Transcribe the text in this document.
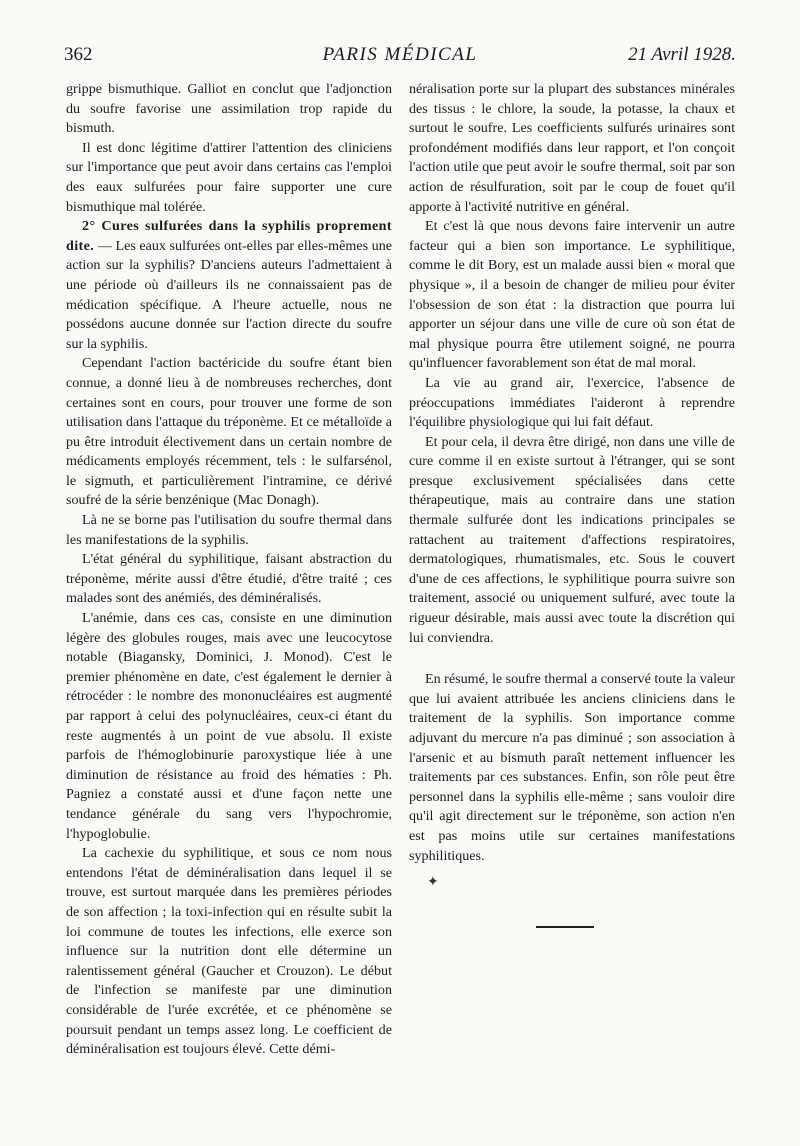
362	PARIS MÉDICAL	21 Avril 1928.

grippe bismuthique. Galliot en conclut que l'adjonction du soufre favorise une assimilation trop rapide du bismuth.

Il est donc légitime d'attirer l'attention des cliniciens sur l'importance que peut avoir dans certains cas l'emploi des eaux sulfurées pour faire supporter une cure bismuthique mal tolérée.

2° Cures sulfurées dans la syphilis proprement dite. — Les eaux sulfurées ont-elles par elles-mêmes une action sur la syphilis? D'anciens auteurs l'admettaient à une période où d'ailleurs ils ne connaissaient pas de médication spécifique. A l'heure actuelle, nous ne possédons aucune donnée sur l'action directe du soufre sur la syphilis.

Cependant l'action bactéricide du soufre étant bien connue, a donné lieu à de nombreuses recherches, dont certaines sont en cours, pour trouver une forme de son utilisation dans l'attaque du tréponème. Et ce métalloïde a pu être introduit électivement dans un certain nombre de médicaments employés récemment, tels : le sulfarsénol, le sigmuth, et particulièrement l'intramine, ce dérivé soufré de la série benzénique (Mac Donagh).

Là ne se borne pas l'utilisation du soufre thermal dans les manifestations de la syphilis.

L'état général du syphilitique, faisant abstraction du tréponème, mérite aussi d'être étudié, d'être traité ; ces malades sont des anémiés, des déminéralisés.

L'anémie, dans ces cas, consiste en une diminution légère des globules rouges, mais avec une leucocytose notable (Biagansky, Dominici, J. Monod). C'est le premier phénomène en date, c'est également le dernier à rétrocéder : le nombre des mononucléaires est augmenté par rapport à celui des polynucléaires, ceux-ci étant du reste augmentés à un point de vue absolu. Il existe parfois de l'hémoglobinurie paroxystique liée à une diminution de résistance au froid des hématies : Ph. Pagniez a constaté aussi et d'une façon nette une tendance générale du sang vers l'hypochromie, l'hypoglobulie.

La cachexie du syphilitique, et sous ce nom nous entendons l'état de déminéralisation dans lequel il se trouve, est surtout marquée dans les premières périodes de son affection ; la toxi-infection qui en résulte subit la loi commune de toutes les infections, elle exerce son influence sur la nutrition dont elle détermine un ralentissement général (Gaucher et Crouzon). Le début de l'infection se manifeste par une diminution considérable de l'urée excrétée, et ce phénomène se poursuit pendant un temps assez long. Le coefficient de déminéralisation est toujours élevé. Cette démi-

néralisation porte sur la plupart des substances minérales des tissus : le chlore, la soude, la potasse, la chaux et surtout le soufre. Les coefficients sulfurés urinaires sont profondément modifiés dans leur rapport, et l'on conçoit l'action utile que peut avoir le soufre thermal, soit par son action de résulfuration, soit par le coup de fouet qu'il apporte à l'activité nutritive en général.

Et c'est là que nous devons faire intervenir un autre facteur qui a bien son importance. Le syphilitique, comme le dit Bory, est un malade aussi bien « moral que physique », il a besoin de changer de milieu pour éviter l'obsession de son état : la distraction que pourra lui apporter un séjour dans une ville de cure où son état de mal physique pourra être utilement soigné, ne pourra qu'influencer favorablement son état de mal moral.

La vie au grand air, l'exercice, l'absence de préoccupations immédiates l'aideront à reprendre l'équilibre physiologique qui lui fait défaut.

Et pour cela, il devra être dirigé, non dans une ville de cure comme il en existe surtout à l'étranger, qui se sont presque exclusivement spécialisées dans cette thérapeutique, mais au contraire dans une station thermale sulfurée dont les indications principales se rattachent au traitement d'affections respiratoires, dermatologiques, rhumatismales, etc. Sous le couvert d'une de ces affections, le syphilitique pourra suivre son traitement, associé ou uniquement sulfuré, avec toute la rigueur désirable, mais aussi avec toute la discrétion qui lui conviendra.

En résumé, le soufre thermal a conservé toute la valeur que lui avaient attribuée les anciens cliniciens dans le traitement de la syphilis. Son importance comme adjuvant du mercure n'a pas diminué ; son association à l'arsenic et au bismuth paraît nettement influencer les traitements par ces substances. Enfin, son rôle peut être personnel dans la syphilis elle-même ; sans vouloir dire qu'il agit directement sur le tréponème, son action n'en est pas moins utile sur certaines manifestations syphilitiques.

✦
